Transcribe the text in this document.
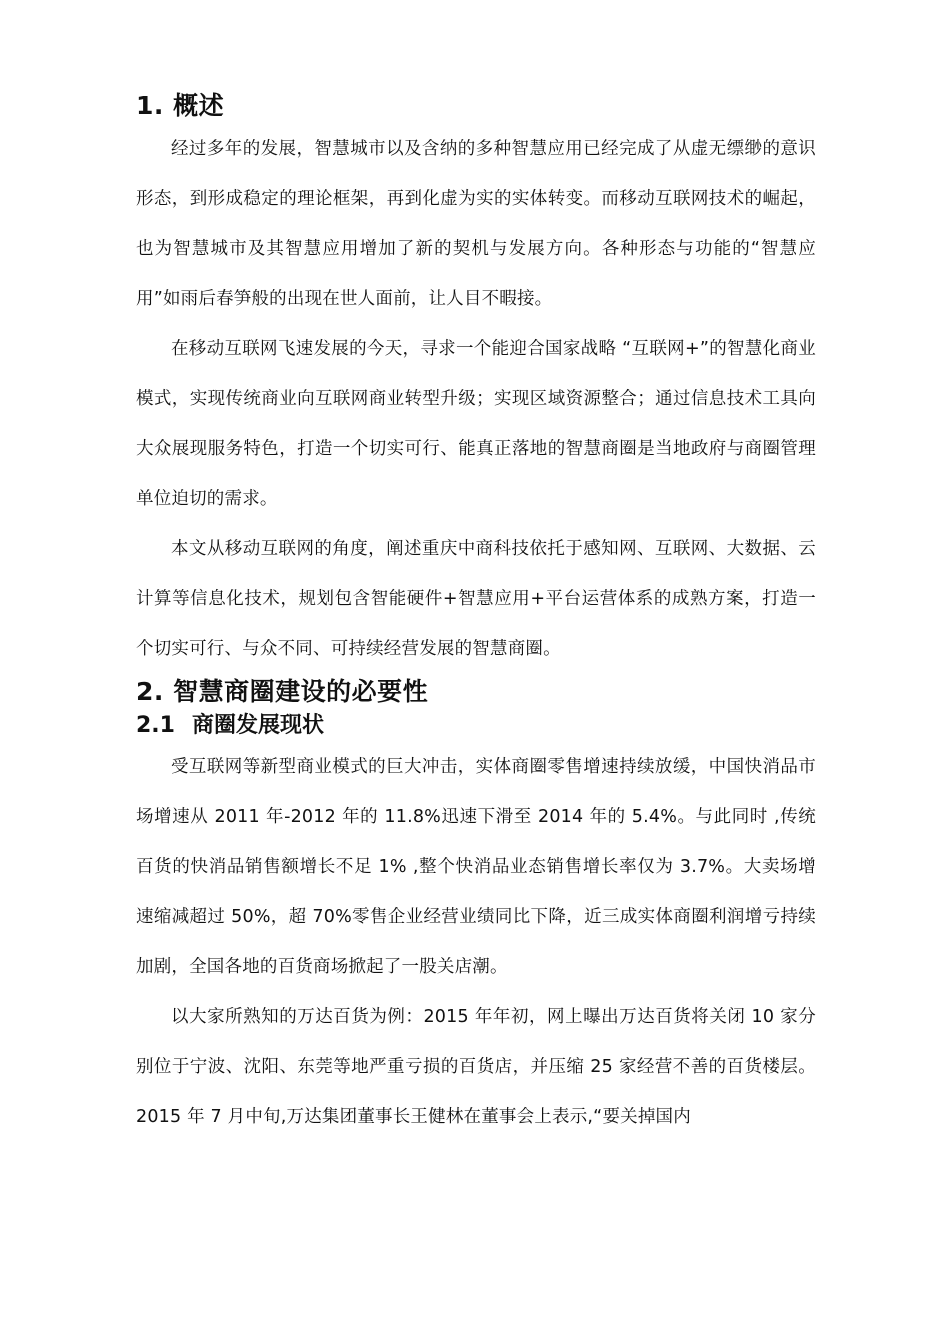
1. 概述

经过多年的发展，智慧城市以及含纳的多种智慧应用已经完成了从虚无缥缈的意识形态，到形成稳定的理论框架，再到化虚为实的实体转变。而移动互联网技术的崛起，也为智慧城市及其智慧应用增加了新的契机与发展方向。各种形态与功能的“智慧应用”如雨后春笋般的出现在世人面前，让人目不暇接。

在移动互联网飞速发展的今天，寻求一个能迎合国家战略 “互联网+”的智慧化商业模式，实现传统商业向互联网商业转型升级；实现区域资源整合；通过信息技术工具向大众展现服务特色，打造一个切实可行、能真正落地的智慧商圈是当地政府与商圈管理单位迫切的需求。

本文从移动互联网的角度，阐述重庆中商科技依托于感知网、互联网、大数据、云计算等信息化技术，规划包含智能硬件+智慧应用+平台运营体系的成熟方案，打造一个切实可行、与众不同、可持续经营发展的智慧商圈。

2. 智慧商圈建设的必要性
2.1 商圈发展现状

受互联网等新型商业模式的巨大冲击，实体商圈零售增速持续放缓，中国快消品市场增速从 2011 年-2012 年的 11.8%迅速下滑至 2014 年的 5.4%。与此同时 ,传统百货的快消品销售额增长不足 1% ,整个快消品业态销售增长率仅为 3.7%。大卖场增速缩减超过 50%，超 70%零售企业经营业绩同比下降，近三成实体商圈利润增亏持续加剧，全国各地的百货商场掀起了一股关店潮。

以大家所熟知的万达百货为例：2015 年年初，网上曝出万达百货将关闭 10 家分别位于宁波、沈阳、东莞等地严重亏损的百货店，并压缩 25 家经营不善的百货楼层。2015 年 7 月中旬,万达集团董事长王健林在董事会上表示,“要关掉国内
